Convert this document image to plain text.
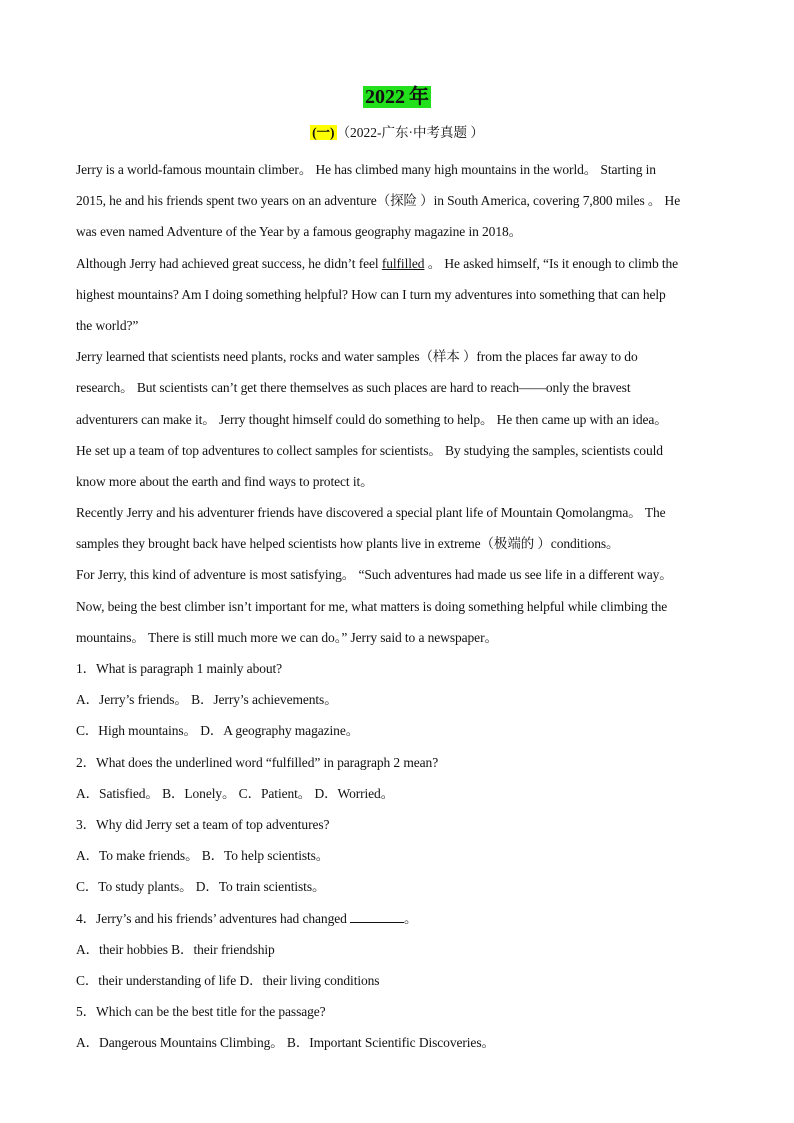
2022 年
(一) （2022-广东·中考真题 ）
Jerry is a world-famous mountain climber。 He has climbed many high mountains in the world。 Starting in
2015, he and his friends spent two years on an adventure（探险 ）in South America, covering 7,800 miles 。 He
was even named Adventure of the Year by a famous geography magazine in 2018。
Although Jerry had achieved great success, he didn’t feel fulfilled 。 He asked himself, “Is it enough to climb the
highest mountains? Am I doing something helpful? How can I turn my adventures into something that can help
the world?”
Jerry learned that scientists need plants, rocks and water samples（样本 ）from the places far away to do
research。 But scientists can’t get there themselves as such places are hard to reach——only the bravest
adventurers can make it。 Jerry thought himself could do something to help。 He then came up with an idea。
He set up a team of top adventures to collect samples for scientists。 By studying the samples, scientists could
know more about the earth and find ways to protect it。
Recently Jerry and his adventurer friends have discovered a special plant life of Mountain Qomolangma。 The
samples they brought back have helped scientists how plants live in extreme（极端的 ）conditions。
For Jerry, this kind of adventure is most satisfying。 “Such adventures had made us see life in a different way。
Now, being the best climber isn’t important for me, what matters is doing something helpful while climbing the
mountains。 There is still much more we can do。” Jerry said to a newspaper。
1．What is paragraph 1 mainly about?
A．Jerry’s friends。 B．Jerry’s achievements。
C．High mountains。 D．A geography magazine。
2．What does the underlined word “fulfilled” in paragraph 2 mean?
A．Satisfied。 B．Lonely。 C．Patient。 D．Worried。
3．Why did Jerry set a team of top adventures?
A．To make friends。 B．To help scientists。
C．To study plants。 D．To train scientists。
4．Jerry’s and his friends’ adventures had changed	。
A．their hobbies B．their friendship
C．their understanding of life D．their living conditions
5．Which can be the best title for the passage?
A．Dangerous Mountains Climbing。 B．Important Scientific Discoveries。
